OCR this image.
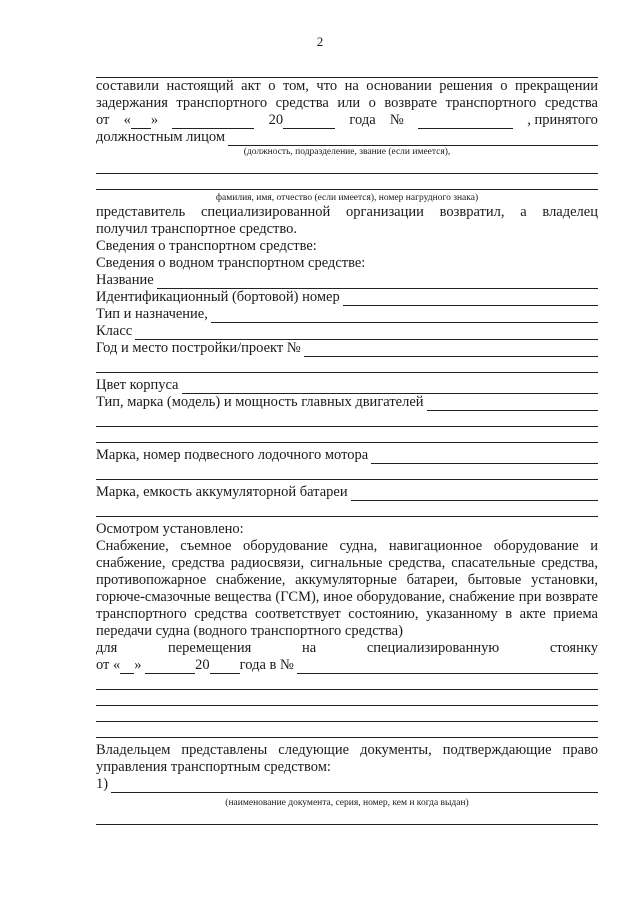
2
составили настоящий акт о том, что на основании решения о прекращении
задержания транспортного средства или о возврате транспортного средства
от « »	20	года №	, принятого
должностным лицом
(должность, подразделение, звание (если имеется),
фамилия, имя, отчество (если имеется), номер нагрудного знака)
представитель специализированной организации возвратил, а владелец
получил транспортное средство.
Сведения о транспортном средстве:
Сведения о водном транспортном средстве:
Название
Идентификационный (бортовой) номер
Тип и назначение,
Класс
Год и место постройки/проект №
Цвет корпуса
Тип, марка (модель) и мощность главных двигателей
Марка, номер подвесного лодочного мотора
Марка, емкость аккумуляторной батареи
Осмотром установлено:
Снабжение, съемное оборудование судна, навигационное оборудование и снабжение, средства радиосвязи, сигнальные средства, спасательные средства, противопожарное снабжение, аккумуляторные батареи, бытовые установки, горюче-смазочные вещества (ГСМ), иное оборудование, снабжение при возврате транспортного средства соответствует состоянию, указанному в акте приема передачи судна (водного транспортного средства)
для	перемещения	на	специализированную	стоянку
от
« »
	20 года в №
Владельцем представлены следующие документы, подтверждающие право управления транспортным средством:
1)
(наименование документа, серия, номер, кем и когда выдан)
